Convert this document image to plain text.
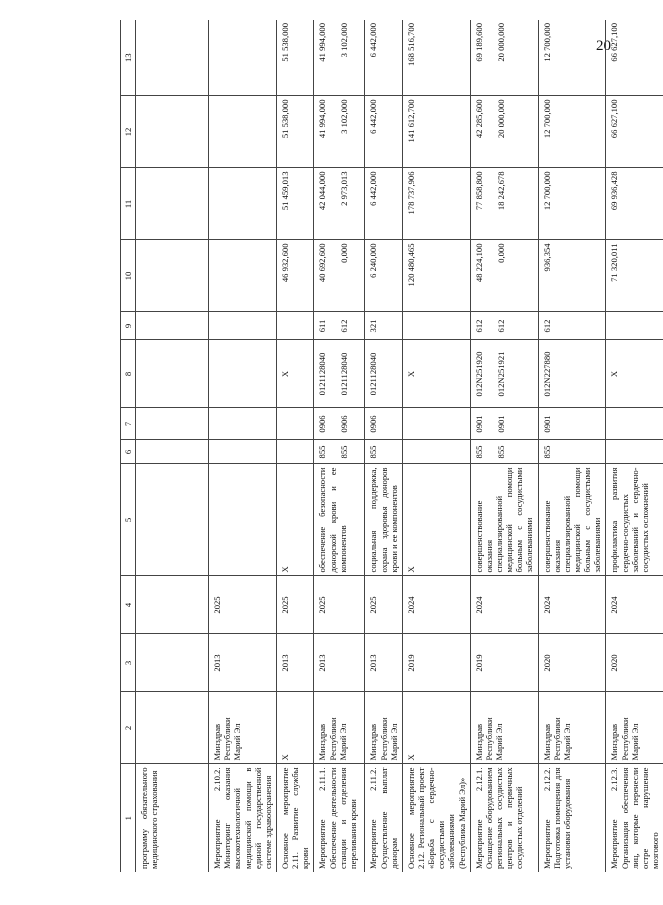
20
1	2	3	4	5	6	7	8	9	10	11	12	13
программу обязательного медицинского страхования				

Мероприятие 2.10.2. Мониторинг оказания высокотехнологичной медицинской помощи в единой государственной системе здравоохранения	Минздрав Республики Марий Эл	2013	2025	

Основное мероприятие 2.11. Развитие службы крови	X	2013	2025	X			X		46 932,600	51 459,013	51 538,000	51 538,000

Мероприятие 2.11.1. Обеспечение деятельности станции и отделения переливания крови	Минздрав Республики Марий Эл	2013	2025	обеспечение безопасности донорской крови и ее компонентов	855 855	0906 0906	0121128040 0121128040	611 612	40 692,600 0,000	42 044,000 2 973,013	41 994,000 3 102,000	41 994,000 3 102,000

Мероприятие 2.11.2. Осуществление выплат донорам	Минздрав Республики Марий Эл	2013	2025	социальная поддержка, охрана здоровья доноров крови и ее компонентов	855	0906	0121128040	321	6 240,000	6 442,000	6 442,000	6 442,000

Основное мероприятие 2.12. Региональный проект «Борьба с сердечно-сосудистыми заболеваниями (Республика Марий Эл)»	X	2019	2024	X			X		120 480,465	178 737,906	141 612,700	168 516,700

Мероприятие 2.12.1. Оснащение оборудованием региональных сосудистых центров и первичных сосудистых отделений	Минздрав Республики Марий Эл	2019	2024	совершенствование оказания специализированной медицинской помощи больным с сосудистыми заболеваниями	855 855	0901 0901	012N251920 012N251921	612 612	48 224,100 0,000	77 858,800 18 242,678	42 285,600 20 000,000	69 189,600 20 000,000

Мероприятие 2.12.2. Подготовка помещения для установки оборудования	Минздрав Республики Марий Эл	2020	2024	совершенствование оказания специализированной медицинской помощи больным с сосудистыми заболеваниями	855	0901	012N227880	612	936,354	12 700,000	12 700,000	12 700,000

Мероприятие 2.12.3. Организация обеспечения лиц, которые перенесли остре нарушение мозгового	Минздрав Республики Марий Эл	2020	2024	профилактика развития сердечно-сосудистых заболеваний и сердечно-сосудистых осложнений			X		71 320,011	69 936,428	66 627,100	66 627,100
